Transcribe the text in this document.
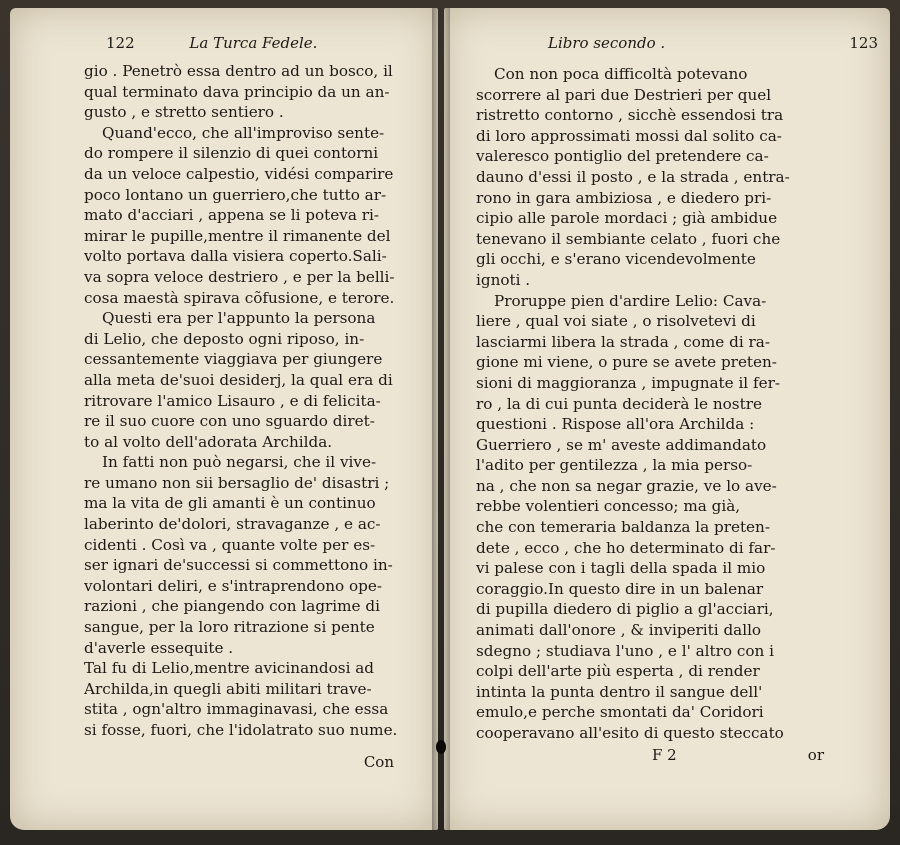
122	La Turca Fedele.
gio . Penetrò essa dentro ad un bosco, il
qual terminato dava principio da un an-
gusto , e stretto sentiero .
Quand'ecco, che all'improviso sente-
do rompere il silenzio di quei contorni
da un veloce calpestio, vidési comparire
poco lontano un guerriero,che tutto ar-
mato d'acciari , appena se li poteva ri-
mirar le pupille,mentre il rimanente del
volto portava dalla visiera coperto.Sali-
va sopra veloce destriero , e per la belli-
cosa maestà spirava cõfusione, e terore.
Questi era per l'appunto la persona
di Lelio, che deposto ogni riposo, in-
cessantemente viaggiava per giungere
alla meta de'suoi desiderj, la qual era di
ritrovare l'amico Lisauro , e di felicita-
re il suo cuore con uno sguardo diret-
to al volto dell'adorata Archilda.
In fatti non può negarsi, che il vive-
re umano non sii bersaglio de' disastri ;
ma la vita de gli amanti è un continuo
laberinto de'dolori, stravaganze , e ac-
cidenti . Così va , quante volte per es-
ser ignari de'successi si commettono in-
volontari deliri, e s'intraprendono ope-
razioni , che piangendo con lagrime di
sangue, per la loro ritrazione si pente
d'averle essequite .
Tal fu di Lelio,mentre avicinandosi ad
Archilda,in quegli abiti militari trave-
stita , ogn'altro immaginavasi, che essa
si fosse, fuori, che l'idolatrato suo nume.
Con
Libro secondo .	123
Con non poca difficoltà potevano
scorrere al pari due Destrieri per quel
ristretto contorno , sicchè essendosi tra
di loro approssimati mossi dal solito ca-
valeresco pontiglio del pretendere ca-
dauno d'essi il posto , e la strada , entra-
rono in gara ambiziosa , e diedero pri-
cipio alle parole mordaci ; già ambidue
tenevano il sembiante celato , fuori che
gli occhi, e s'erano vicendevolmente
ignoti .
Proruppe pien d'ardire Lelio: Cava-
liere , qual voi siate , o risolvetevi di
lasciarmi libera la strada , come di ra-
gione mi viene, o pure se avete preten-
sioni di maggioranza , impugnate il fer-
ro , la di cui punta deciderà le nostre
questioni . Rispose all'ora Archilda :
Guerriero , se m' aveste addimandato
l'adito per gentilezza , la mia perso-
na , che non sa negar grazie, ve lo ave-
rebbe volentieri concesso; ma già,
che con temeraria baldanza la preten-
dete , ecco , che ho determinato di far-
vi palese con i tagli della spada il mio
coraggio.In questo dire in un balenar
di pupilla diedero di piglio a gl'acciari,
animati dall'onore , & inviperiti dallo
sdegno ; studiava l'uno , e l' altro con i
colpi dell'arte più esperta , di render
intinta la punta dentro il sangue dell'
emulo,e perche smontati da' Coridori
cooperavano all'esito di questo steccato
F 2	or
